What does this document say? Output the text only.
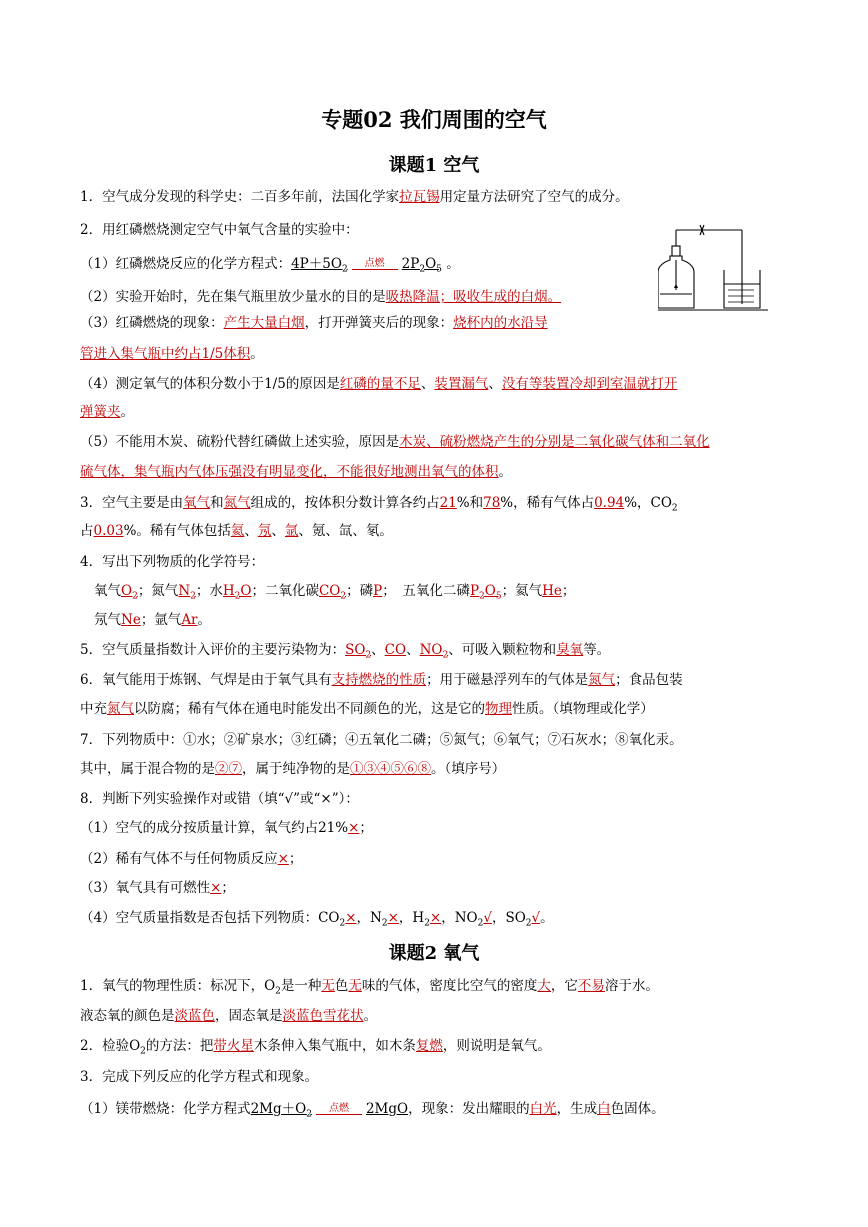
专题02 我们周围的空气
课题1 空气
1．空气成分发现的科学史：二百多年前，法国化学家拉瓦锡用定量方法研究了空气的成分。
2．用红磷燃烧测定空气中氧气含量的实验中：
（1）红磷燃烧反应的化学方程式：$4P+5O_2$
点燃	$2P_2O_5$ 。
（2）实验开始时，先在集气瓶里放少量水的目的是吸热降温；吸收生成的白烟。
（3）红磷燃烧的现象：产生大量白烟，打开弹簧夹后的现象：烧杯内的水沿导
管进入集气瓶中约占1/5体积。
（4）测定氧气的体积分数小于1/5的原因是红磷的量不足、装置漏气、没有等装置冷却到室温就打开
弹簧夹。
（5）不能用木炭、硫粉代替红磷做上述实验，原因是木炭、硫粉燃烧产生的分别是二氧化碳气体和二氧化
硫气体，集气瓶内气体压强没有明显变化，不能很好地测出氧气的体积。
3．空气主要是由氧气和氮气组成的，按体积分数计算各约占21%和78%，稀有气体占0.94%，$CO_2$
占0.03%。稀有气体包括氦、氖、氩、氪、氙、氡。
4．写出下列物质的化学符号：
氧气$O_2$；氮气$N_2$；水$H_2O$；二氧化碳$CO_2$；磷P；　五氧化二磷$P_2O_5$；氦气He；
氖气Ne；氩气Ar。
5．空气质量指数计入评价的主要污染物为：$SO_2$、CO、$NO_2$、可吸入颗粒物和臭氧等。
6．氧气能用于炼钢、气焊是由于氧气具有支持燃烧的性质；用于磁悬浮列车的气体是氮气；食品包装
中充氮气以防腐；稀有气体在通电时能发出不同颜色的光，这是它的物理性质。（填物理或化学）
7．下列物质中：①水；②矿泉水；③红磷；④五氧化二磷；⑤氮气；⑥氧气；⑦石灰水；⑧氧化汞。
其中，属于混合物的是②⑦，属于纯净物的是①③④⑤⑥⑧。（填序号）
8．判断下列实验操作对或错（填“√”或“×”）：
（1）空气的成分按质量计算，氧气约占21%×；
（2）稀有气体不与任何物质反应×；
（3）氧气具有可燃性×；
（4）空气质量指数是否包括下列物质：$CO_2\times$，$N_2\times$，$H_2\times$，$NO_2√$，$SO_2√$。
课题2 氧气
1．氧气的物理性质：标况下，$O_2$是一种无色无味的气体，密度比空气的密度大，它不易溶于水。
液态氧的颜色是淡蓝色，固态氧是淡蓝色雪花状。
2．检验$O_2$的方法：把带火星木条伸入集气瓶中，如木条复燃，则说明是氧气。
3．完成下列反应的化学方程式和现象。
（1）镁带燃烧：化学方程式$2Mg+O_2$
点燃	2MgO，现象：发出耀眼的白光，生成白色固体。
